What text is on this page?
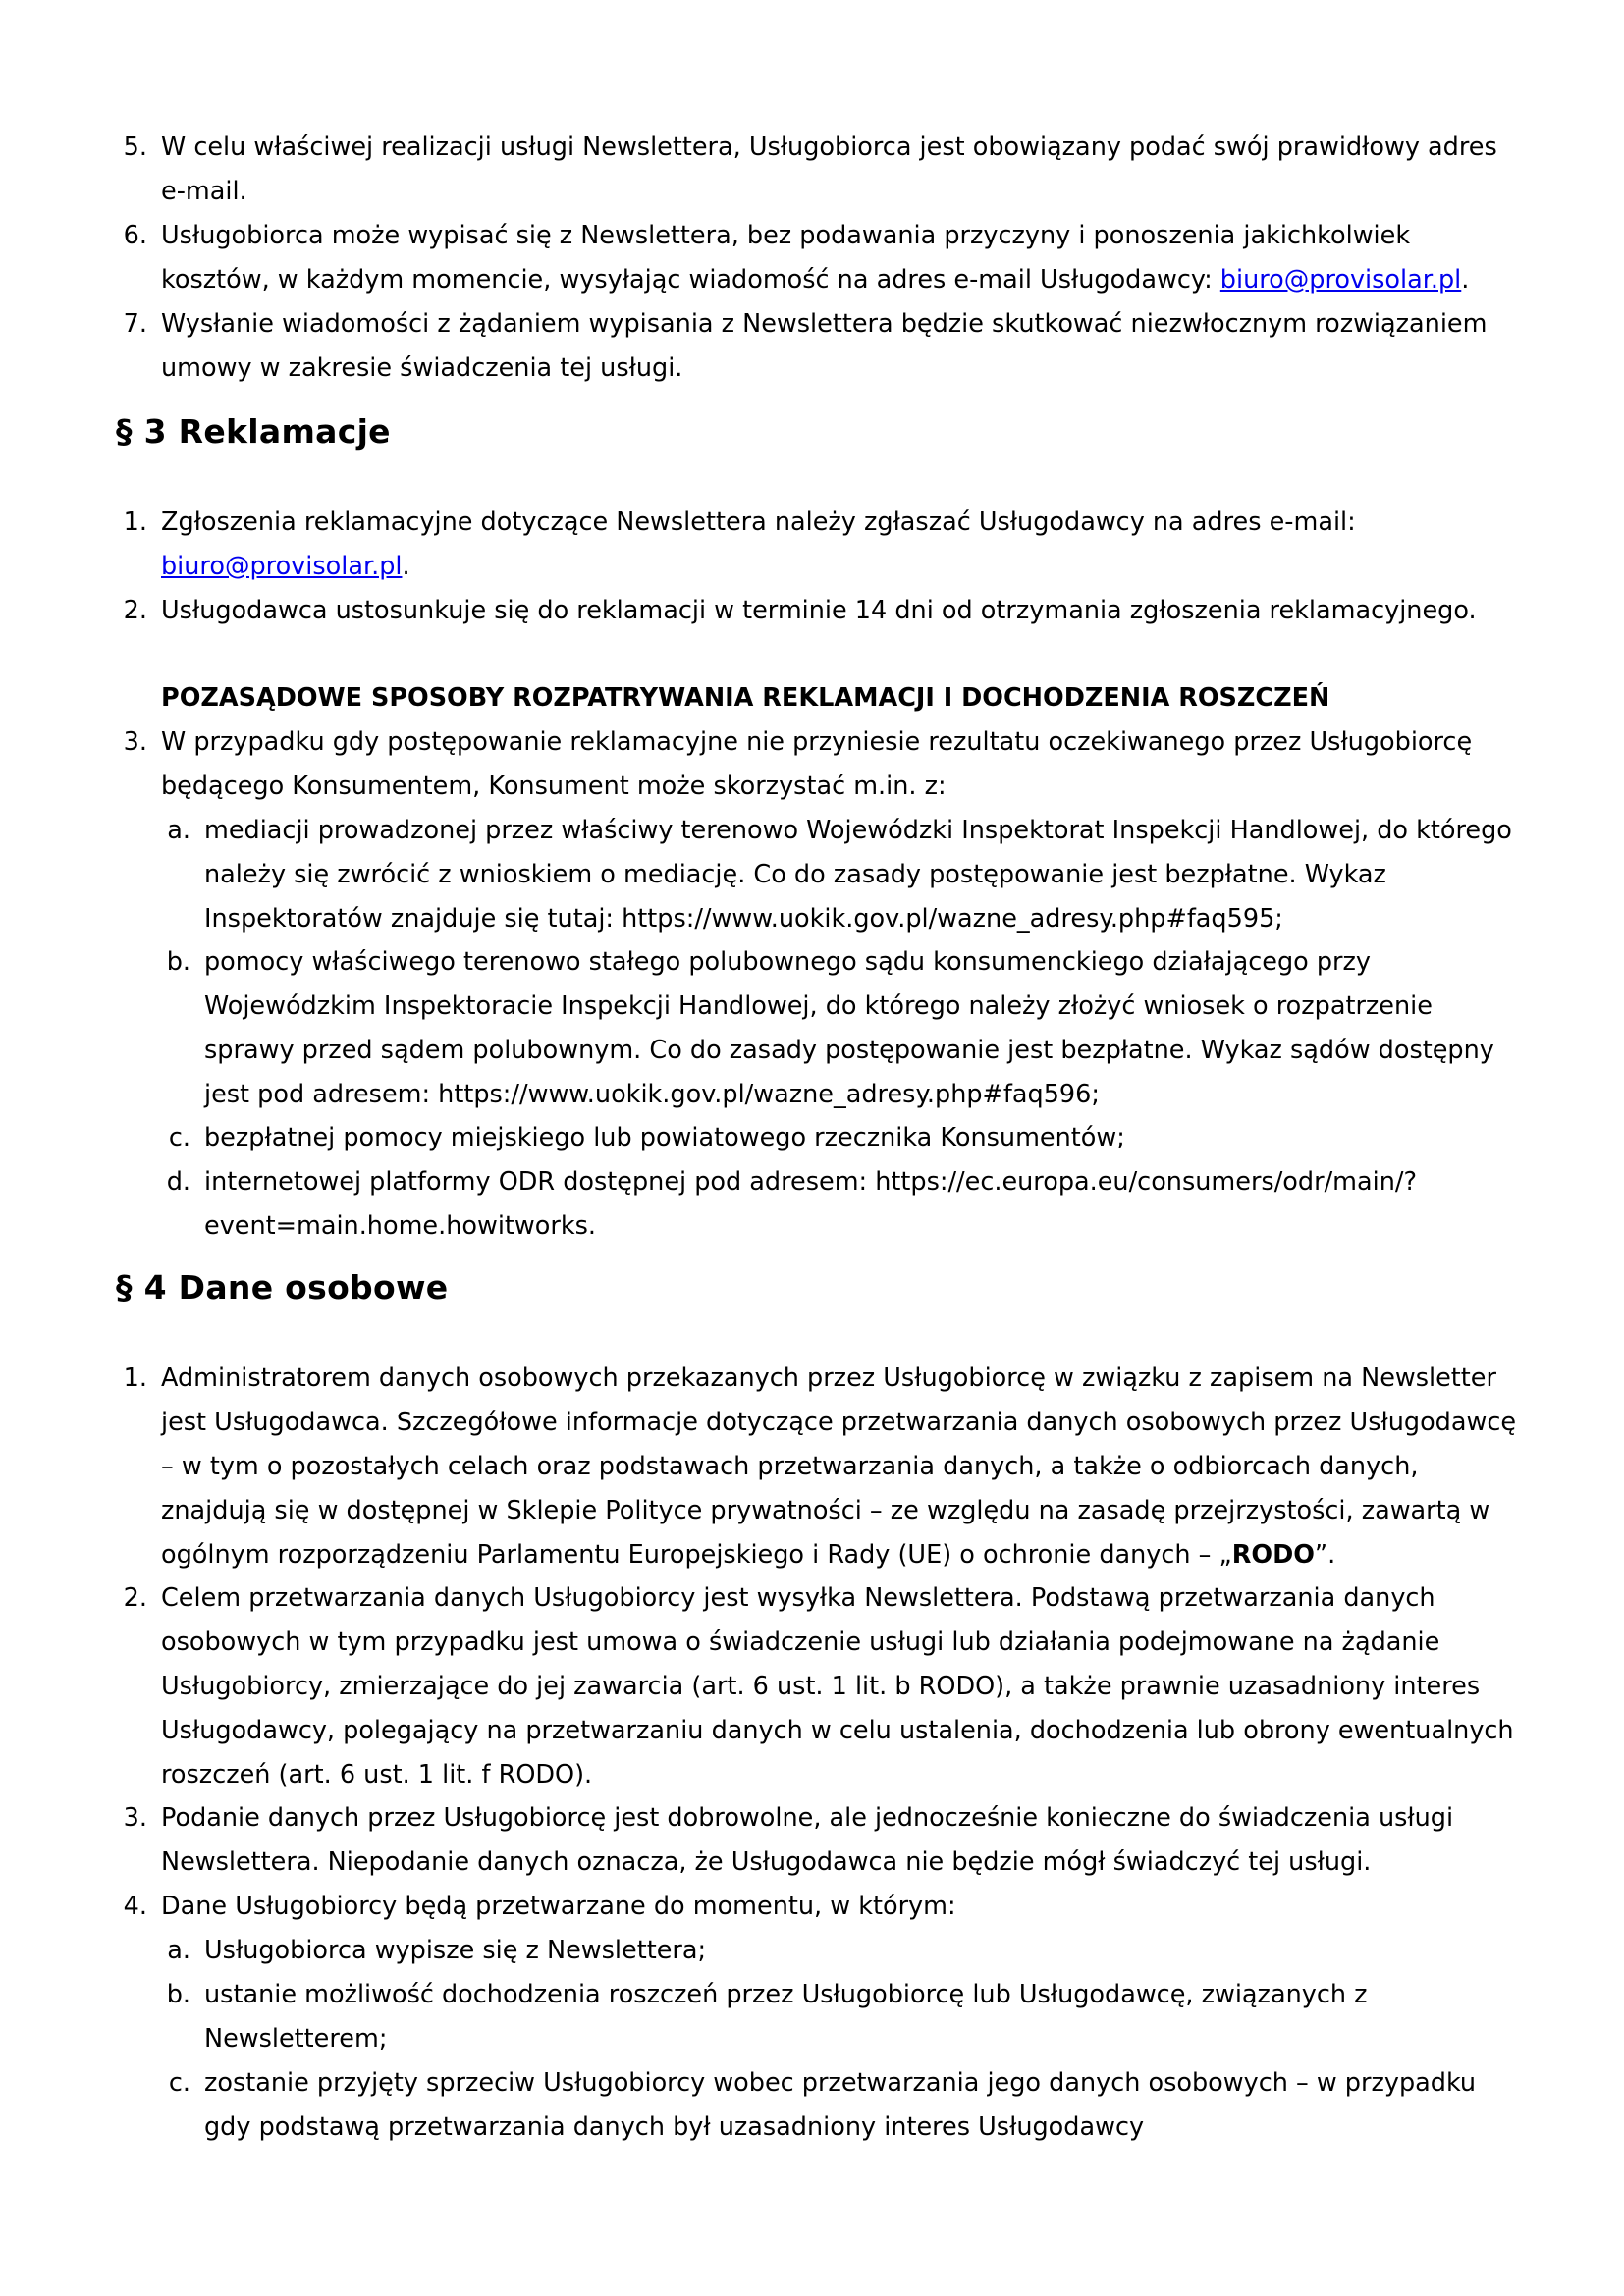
5. W celu właściwej realizacji usługi Newslettera, Usługobiorca jest obowiązany podać swój prawidłowy adres e-mail.

6. Usługobiorca może wypisać się z Newslettera, bez podawania przyczyny i ponoszenia jakichkolwiek kosztów, w każdym momencie, wysyłając wiadomość na adres e-mail Usługodawcy: biuro@provisolar.pl.

7. Wysłanie wiadomości z żądaniem wypisania z Newslettera będzie skutkować niezwłocznym rozwiązaniem umowy w zakresie świadczenia tej usługi.

§ 3 Reklamacje

1. Zgłoszenia reklamacyjne dotyczące Newslettera należy zgłaszać Usługodawcy na adres e-mail: biuro@provisolar.pl.

2. Usługodawca ustosunkuje się do reklamacji w terminie 14 dni od otrzymania zgłoszenia reklamacyjnego.

POZASĄDOWE SPOSOBY ROZPATRYWANIA REKLAMACJI I DOCHODZENIA ROSZCZEŃ

3. W przypadku gdy postępowanie reklamacyjne nie przyniesie rezultatu oczekiwanego przez Usługobiorcę będącego Konsumentem, Konsument może skorzystać m.in. z:

a. mediacji prowadzonej przez właściwy terenowo Wojewódzki Inspektorat Inspekcji Handlowej, do którego należy się zwrócić z wnioskiem o mediację. Co do zasady postępowanie jest bezpłatne. Wykaz Inspektoratów znajduje się tutaj: https://www.uokik.gov.pl/wazne_adresy.php#faq595;

b. pomocy właściwego terenowo stałego polubownego sądu konsumenckiego działającego przy Wojewódzkim Inspektoracie Inspekcji Handlowej, do którego należy złożyć wniosek o rozpatrzenie sprawy przed sądem polubownym. Co do zasady postępowanie jest bezpłatne. Wykaz sądów dostępny jest pod adresem: https://www.uokik.gov.pl/wazne_adresy.php#faq596;

c. bezpłatnej pomocy miejskiego lub powiatowego rzecznika Konsumentów;

d. internetowej platformy ODR dostępnej pod adresem: https://ec.europa.eu/consumers/odr/main/?event=main.home.howitworks.

§ 4 Dane osobowe

1. Administratorem danych osobowych przekazanych przez Usługobiorcę w związku z zapisem na Newsletter jest Usługodawca. Szczegółowe informacje dotyczące przetwarzania danych osobowych przez Usługodawcę – w tym o pozostałych celach oraz podstawach przetwarzania danych, a także o odbiorcach danych, znajdują się w dostępnej w Sklepie Polityce prywatności – ze względu na zasadę przejrzystości, zawartą w ogólnym rozporządzeniu Parlamentu Europejskiego i Rady (UE) o ochronie danych – „RODO”.

2. Celem przetwarzania danych Usługobiorcy jest wysyłka Newslettera. Podstawą przetwarzania danych osobowych w tym przypadku jest umowa o świadczenie usługi lub działania podejmowane na żądanie Usługobiorcy, zmierzające do jej zawarcia (art. 6 ust. 1 lit. b RODO), a także prawnie uzasadniony interes Usługodawcy, polegający na przetwarzaniu danych w celu ustalenia, dochodzenia lub obrony ewentualnych roszczeń (art. 6 ust. 1 lit. f RODO).

3. Podanie danych przez Usługobiorcę jest dobrowolne, ale jednocześnie konieczne do świadczenia usługi Newslettera. Niepodanie danych oznacza, że Usługodawca nie będzie mógł świadczyć tej usługi.

4. Dane Usługobiorcy będą przetwarzane do momentu, w którym:

a. Usługobiorca wypisze się z Newslettera;

b. ustanie możliwość dochodzenia roszczeń przez Usługobiorcę lub Usługodawcę, związanych z Newsletterem;

c. zostanie przyjęty sprzeciw Usługobiorcy wobec przetwarzania jego danych osobowych – w przypadku gdy podstawą przetwarzania danych był uzasadniony interes Usługodawcy
